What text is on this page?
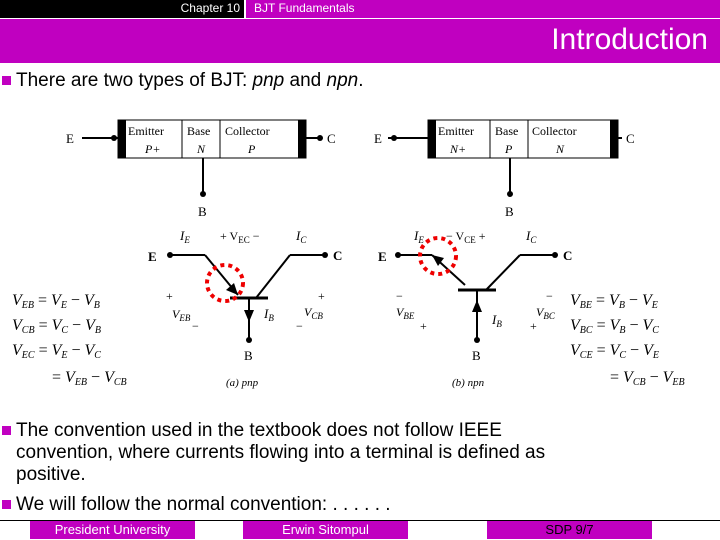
Chapter 10	BJT Fundamentals
Introduction
There are two types of BJT: pnp and npn.
E	Emitter Base Collector
P+	N	P
C
B
E	Emitter Base Collector
N+	P	N
C
B
E	C
B
$I_E$	$I_C$
$I_B$
+ $V_{EC}$ −
+
$V_{EB}$
−
+
$V_{CB}$
−
(a) pnp
E	C
B
$I_E$	$I_C$
$I_B$
− $V_{CE}$ +
−
$V_{BE}$
+
−
$V_{BC}$
+
(b) npn
VEB = VE − VB
VCB = VC − VB
VEC = VE − VC
= VEB − VCB
VBE = VB − VE
VBC = VB − VC
VCE = VC − VE
= VCB − VEB
The convention used in the textbook does not follow IEEE
convention, where currents flowing into a terminal is defined as
positive.
We will follow the normal convention: . . . . . .
President University	Erwin Sitompul	SDP 9/7
